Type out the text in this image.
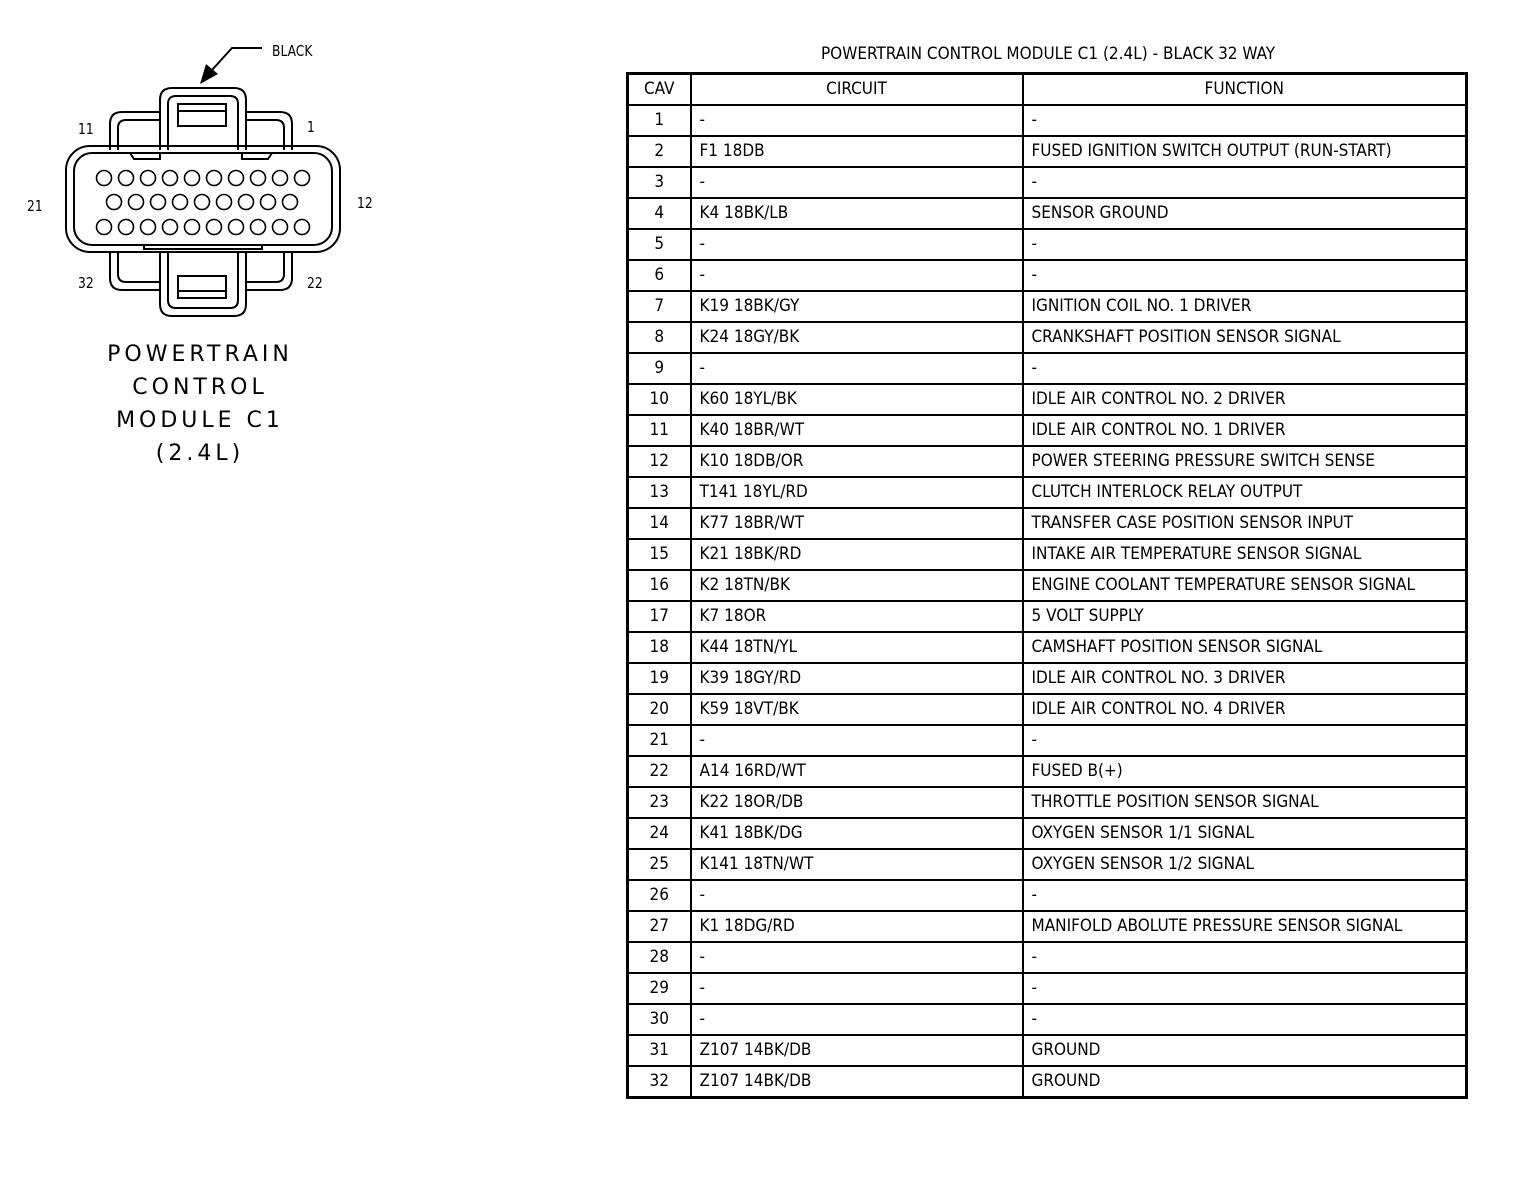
BLACK
11	1
21	12
32	22
POWERTRAIN
CONTROL
MODULE C1
(2.4L)
POWERTRAIN CONTROL MODULE C1 (2.4L) - BLACK 32 WAY
CAV	CIRCUIT	FUNCTION
1	-	-
2	F1 18DB	FUSED IGNITION SWITCH OUTPUT (RUN-START)
3	-	-
4	K4 18BK/LB	SENSOR GROUND
5	-	-
6	-	-
7	K19 18BK/GY	IGNITION COIL NO. 1 DRIVER
8	K24 18GY/BK	CRANKSHAFT POSITION SENSOR SIGNAL
9	-	-
10	K60 18YL/BK	IDLE AIR CONTROL NO. 2 DRIVER
11	K40 18BR/WT	IDLE AIR CONTROL NO. 1 DRIVER
12	K10 18DB/OR	POWER STEERING PRESSURE SWITCH SENSE
13	T141 18YL/RD	CLUTCH INTERLOCK RELAY OUTPUT
14	K77 18BR/WT	TRANSFER CASE POSITION SENSOR INPUT
15	K21 18BK/RD	INTAKE AIR TEMPERATURE SENSOR SIGNAL
16	K2 18TN/BK	ENGINE COOLANT TEMPERATURE SENSOR SIGNAL
17	K7 18OR	5 VOLT SUPPLY
18	K44 18TN/YL	CAMSHAFT POSITION SENSOR SIGNAL
19	K39 18GY/RD	IDLE AIR CONTROL NO. 3 DRIVER
20	K59 18VT/BK	IDLE AIR CONTROL NO. 4 DRIVER
21	-	-
22	A14 16RD/WT	FUSED B(+)
23	K22 18OR/DB	THROTTLE POSITION SENSOR SIGNAL
24	K41 18BK/DG	OXYGEN SENSOR 1/1 SIGNAL
25	K141 18TN/WT	OXYGEN SENSOR 1/2 SIGNAL
26	-	-
27	K1 18DG/RD	MANIFOLD ABOLUTE PRESSURE SENSOR SIGNAL
28	-	-
29	-	-
30	-	-
31	Z107 14BK/DB	GROUND
32	Z107 14BK/DB	GROUND
